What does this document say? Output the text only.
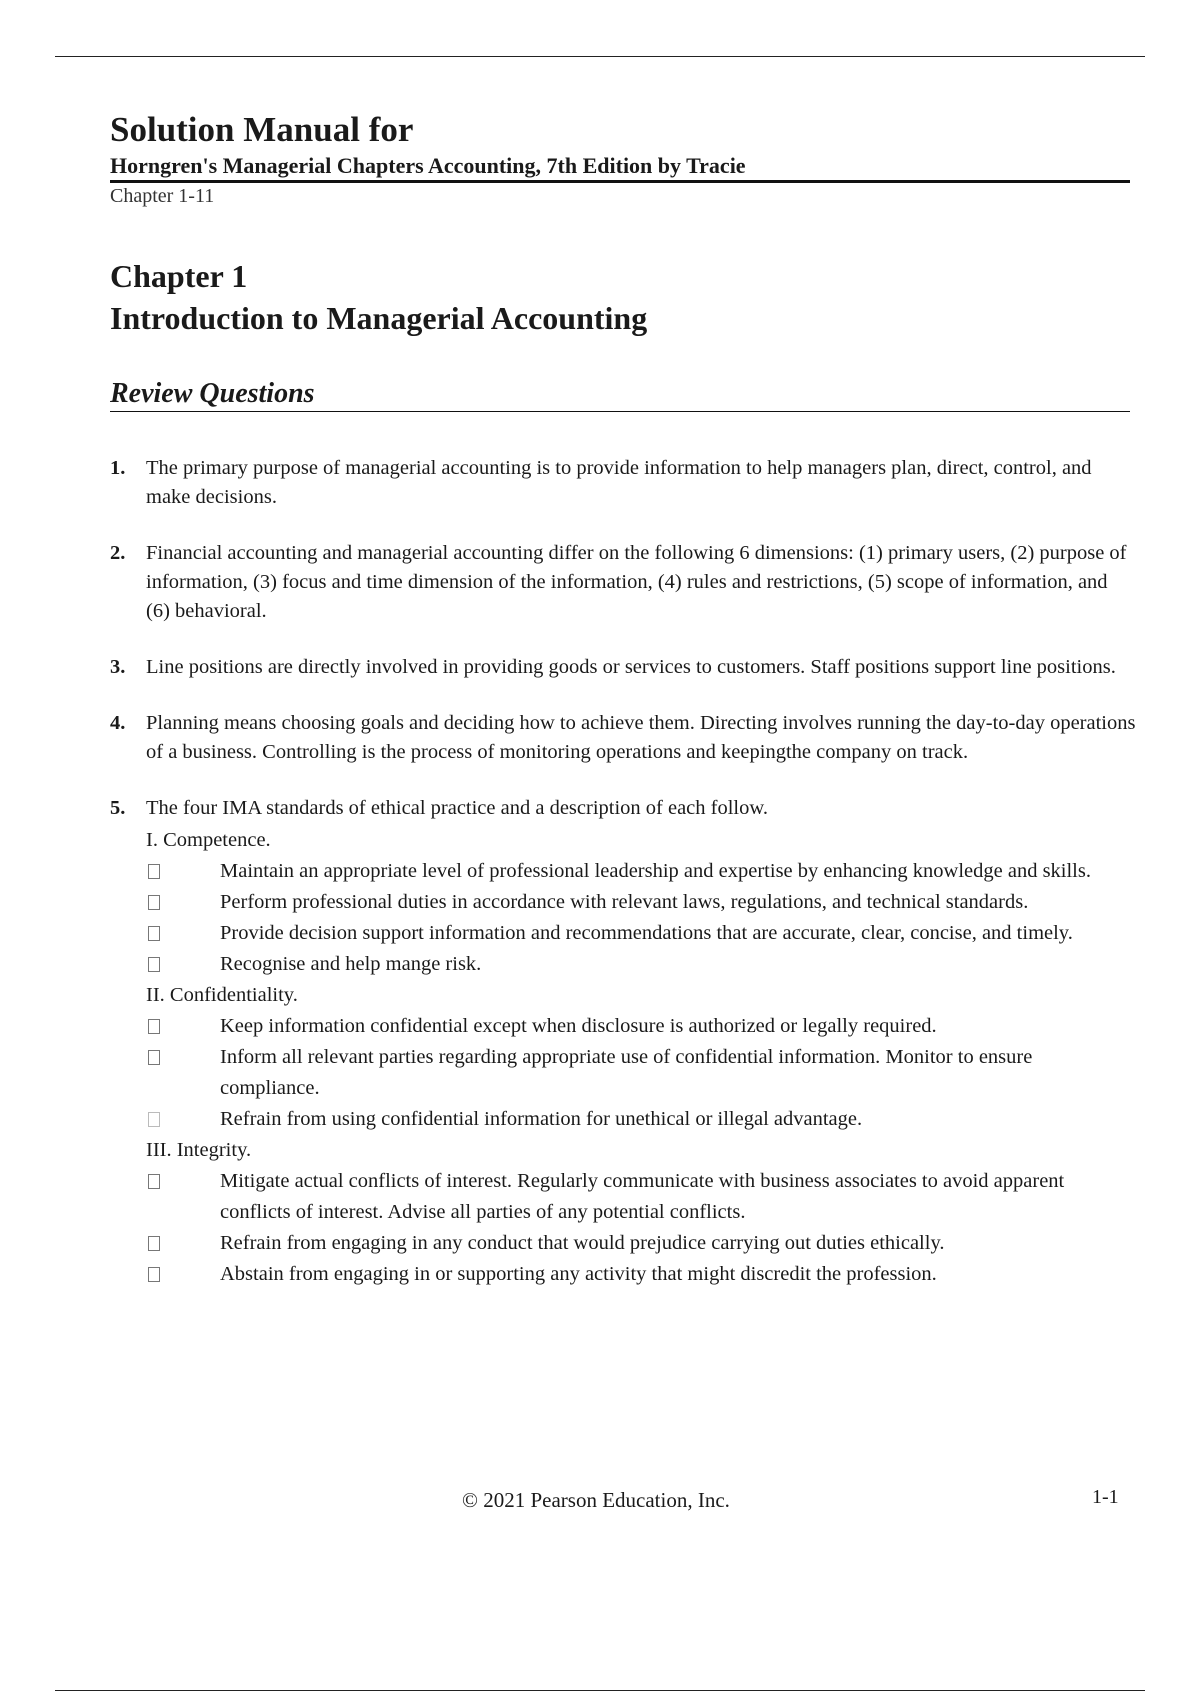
Solution Manual for
Horngren's Managerial Chapters Accounting, 7th Edition by Tracie
Chapter 1-11
Chapter 1
Introduction to Managerial Accounting
Review Questions
1. The primary purpose of managerial accounting is to provide information to help managers plan, direct, control, and make decisions.
2. Financial accounting and managerial accounting differ on the following 6 dimensions: (1) primary users, (2) purpose of information, (3) focus and time dimension of the information, (4) rules and restrictions, (5) scope of information, and (6) behavioral.
3. Line positions are directly involved in providing goods or services to customers. Staff positions support line positions.
4. Planning means choosing goals and deciding how to achieve them. Directing involves running the day-to-day operations of a business. Controlling is the process of monitoring operations and keepingthe company on track.
5. The four IMA standards of ethical practice and a description of each follow.
I. Competence.
Maintain an appropriate level of professional leadership and expertise by enhancing knowledge and skills.
Perform professional duties in accordance with relevant laws, regulations, and technical standards.
Provide decision support information and recommendations that are accurate, clear, concise, and timely.
Recognise and help mange risk.
II. Confidentiality.
Keep information confidential except when disclosure is authorized or legally required.
Inform all relevant parties regarding appropriate use of confidential information. Monitor to ensure compliance.
Refrain from using confidential information for unethical or illegal advantage.
III. Integrity.
Mitigate actual conflicts of interest. Regularly communicate with business associates to avoid apparent conflicts of interest. Advise all parties of any potential conflicts.
Refrain from engaging in any conduct that would prejudice carrying out duties ethically.
Abstain from engaging in or supporting any activity that might discredit the profession.
© 2021 Pearson Education, Inc.	1-1
